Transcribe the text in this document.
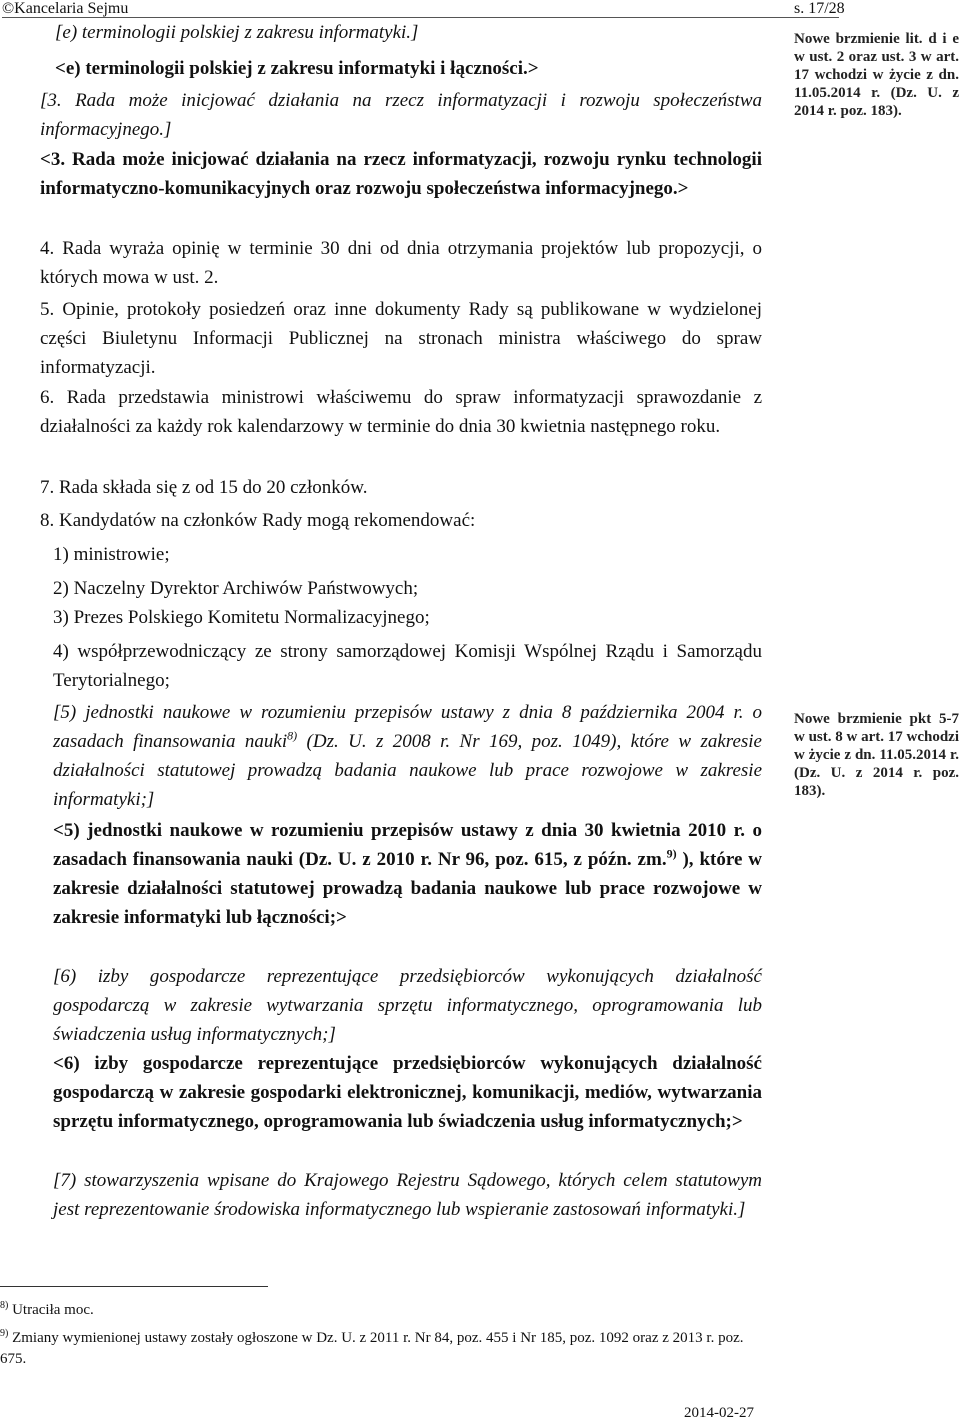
©Kancelaria Sejmu	s. 17/28
[e) terminologii polskiej z zakresu informatyki.]
<e) terminologii polskiej z zakresu informatyki i łączności.>
[3. Rada może inicjować działania na rzecz informatyzacji i rozwoju społeczeństwa informacyjnego.]
<3. Rada może inicjować działania na rzecz informatyzacji, rozwoju rynku technologii informatyczno-komunikacyjnych oraz rozwoju społeczeństwa informacyjnego.>
4. Rada wyraża opinię w terminie 30 dni od dnia otrzymania projektów lub propozycji, o których mowa w ust. 2.
5. Opinie, protokoły posiedzeń oraz inne dokumenty Rady są publikowane w wydzielonej części Biuletynu Informacji Publicznej na stronach ministra właściwego do spraw informatyzacji.
6. Rada przedstawia ministrowi właściwemu do spraw informatyzacji sprawozdanie z działalności za każdy rok kalendarzowy w terminie do dnia 30 kwietnia następnego roku.
7. Rada składa się z od 15 do 20 członków.
8. Kandydatów na członków Rady mogą rekomendować:
1) ministrowie;
2) Naczelny Dyrektor Archiwów Państwowych;
3) Prezes Polskiego Komitetu Normalizacyjnego;
4) współprzewodniczący ze strony samorządowej Komisji Wspólnej Rządu i Samorządu Terytorialnego;
[5) jednostki naukowe w rozumieniu przepisów ustawy z dnia 8 października 2004 r. o zasadach finansowania nauki$^{8)}$ (Dz. U. z 2008 r. Nr 169, poz. 1049), które w zakresie działalności statutowej prowadzą badania naukowe lub prace rozwojowe w zakresie informatyki;]
<5) jednostki naukowe w rozumieniu przepisów ustawy z dnia 30 kwietnia 2010 r. o zasadach finansowania nauki (Dz. U. z 2010 r. Nr 96, poz. 615, z późn. zm.$^{9)}$ ), które w zakresie działalności statutowej prowadzą badania naukowe lub prace rozwojowe w zakresie informatyki lub łączności;>
[6) izby gospodarcze reprezentujące przedsiębiorców wykonujących działalność gospodarczą w zakresie wytwarzania sprzętu informatycznego, oprogramowania lub świadczenia usług informatycznych;]
<6) izby gospodarcze reprezentujące przedsiębiorców wykonujących działalność gospodarczą w zakresie gospodarki elektronicznej, komunikacji, mediów, wytwarzania sprzętu informatycznego, oprogramowania lub świadczenia usług informatycznych;>
[7) stowarzyszenia wpisane do Krajowego Rejestru Sądowego, których celem statutowym jest reprezentowanie środowiska informatycznego lub wspieranie zastosowań informatyki.]
Nowe brzmienie lit. d i e w ust. 2 oraz ust. 3 w art. 17 wchodzi w życie z dn. 11.05.2014 r. (Dz. U. z 2014 r. poz. 183).
Nowe brzmienie pkt 5-7 w ust. 8 w art. 17 wchodzi w życie z dn. 11.05.2014 r. (Dz. U. z 2014 r. poz. 183).
$^{8)}$ Utraciła moc.
$^{9)}$ Zmiany wymienionej ustawy zostały ogłoszone w Dz. U. z 2011 r. Nr 84, poz. 455 i Nr 185, poz. 1092 oraz z 2013 r. poz. 675.
2014-02-27
